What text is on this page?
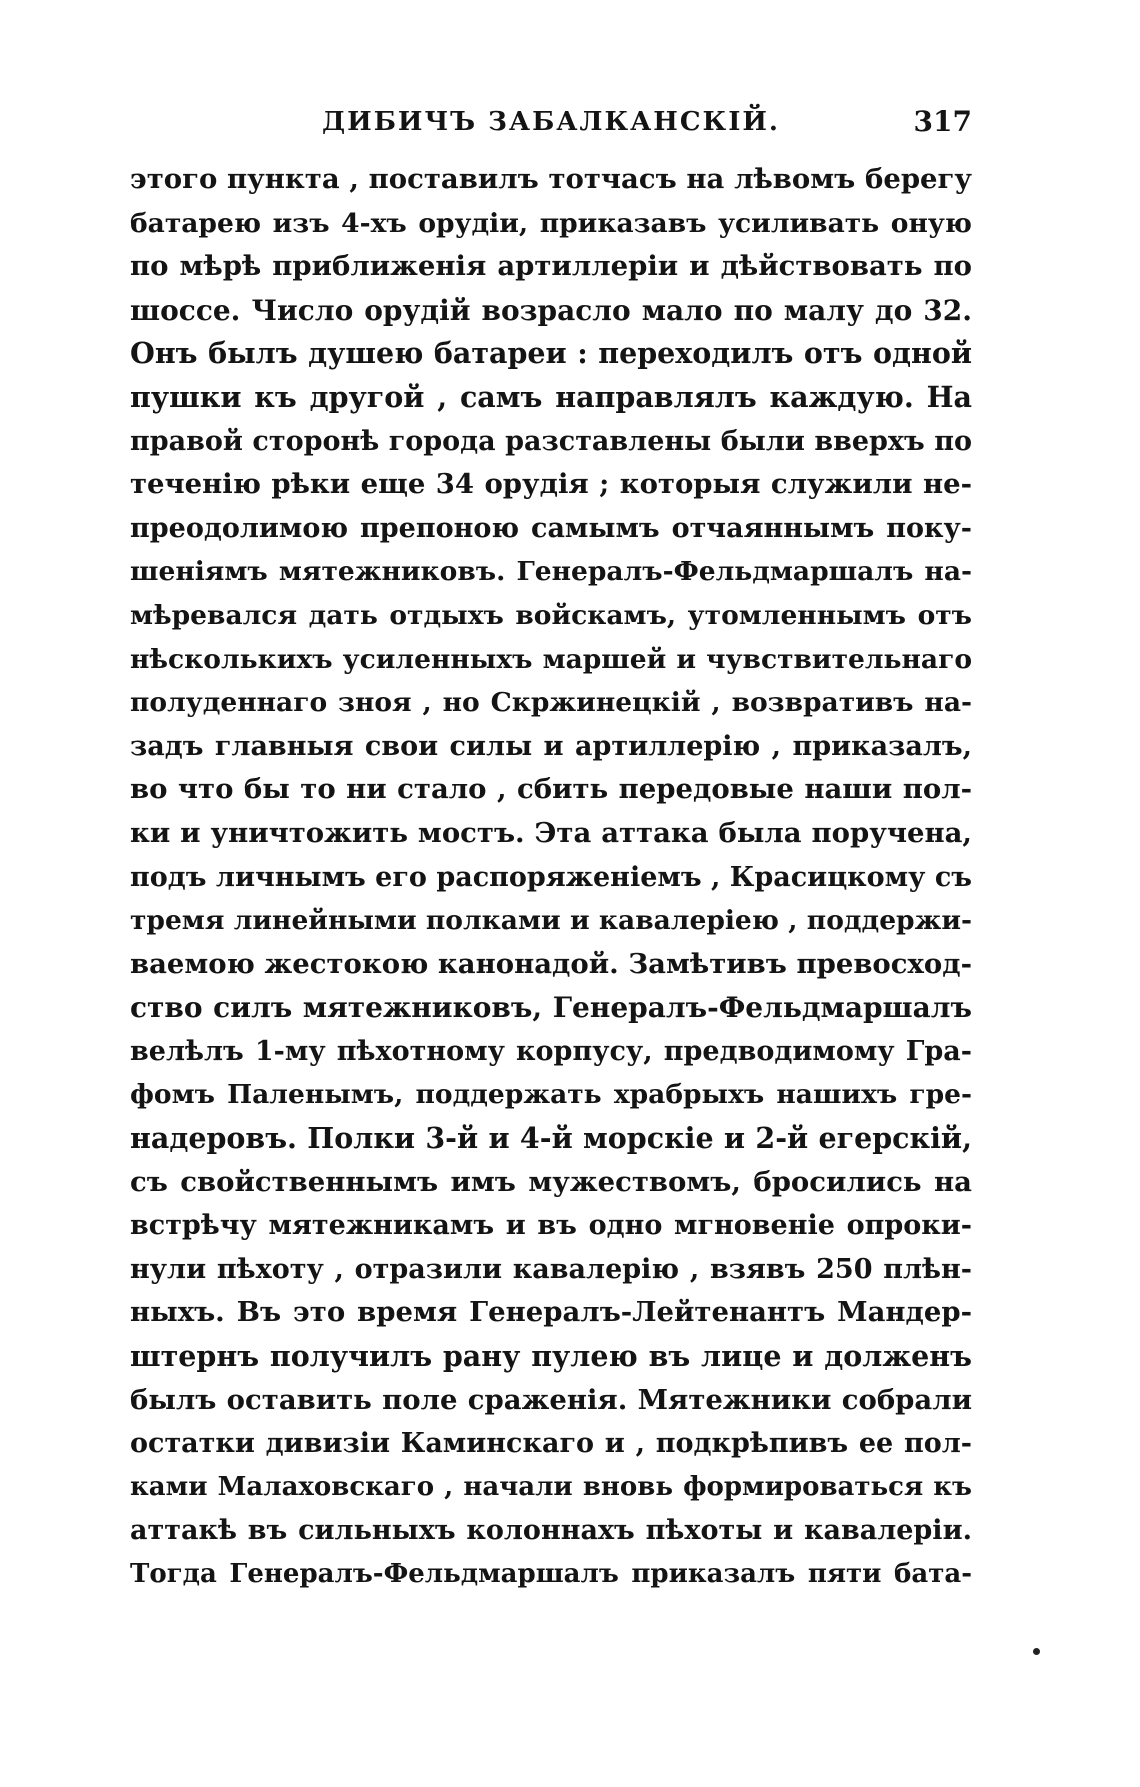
ДИБИЧЪ ЗАБАЛКАНСКІЙ.	317
этого пункта , поставилъ тотчасъ на лѣвомъ берегу
батарею изъ 4-хъ орудіи, приказавъ усиливать оную
по мѣрѣ приближенія артиллеріи и дѣйствовать по
шоссе. Число орудій возрасло мало по малу до 32.
Онъ былъ душею батареи : переходилъ отъ одной
пушки къ другой , самъ направлялъ каждую. На
правой сторонѣ города разставлены были вверхъ по
теченію рѣки еще 34 орудія ; которыя служили не-
преодолимою препоною самымъ отчаяннымъ поку-
шеніямъ мятежниковъ. Генералъ-Фельдмаршалъ на-
мѣревался дать отдыхъ войскамъ, утомленнымъ отъ
нѣсколькихъ усиленныхъ маршей и чувствительнаго
полуденнаго зноя , но Скржинецкій , возвративъ на-
задъ главныя свои силы и артиллерію , приказалъ,
во что бы то ни стало , сбить передовые наши пол-
ки и уничтожить мостъ. Эта аттака была поручена,
подъ личнымъ его распоряженіемъ , Красицкому съ
тремя линейными полками и кавалеріею , поддержи-
ваемою жестокою канонадой. Замѣтивъ превосход-
ство силъ мятежниковъ, Генералъ-Фельдмаршалъ
велѣлъ 1-му пѣхотному корпусу, предводимому Гра-
фомъ Паленымъ, поддержать храбрыхъ нашихъ гре-
надеровъ. Полки 3-й и 4-й морскіе и 2-й егерскій,
съ свойственнымъ имъ мужествомъ, бросились на
встрѣчу мятежникамъ и въ одно мгновеніе опроки-
нули пѣхоту , отразили кавалерію , взявъ 250 плѣн-
ныхъ. Въ это время Генералъ-Лейтенантъ Мандер-
штернъ получилъ рану пулею въ лице и долженъ
былъ оставить поле сраженія. Мятежники собрали
остатки дивизіи Каминскаго и , подкрѣпивъ ее пол-
ками Малаховскаго , начали вновь формироваться къ
аттакѣ въ сильныхъ колоннахъ пѣхоты и кавалеріи.
Тогда Генералъ-Фельдмаршалъ приказалъ пяти бата-
